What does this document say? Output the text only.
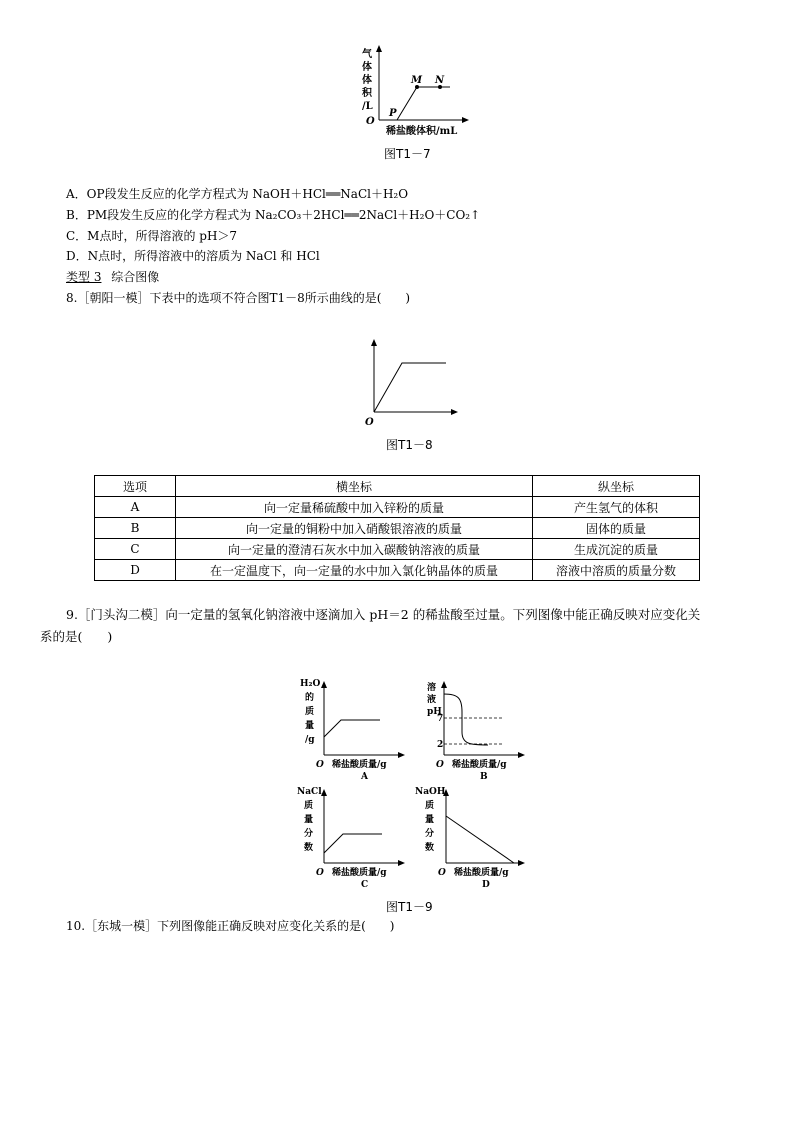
气
体
体
积
/L
O
P
M N
稀盐酸体积/mL
图T1－7
A．OP段发生反应的化学方程式为 NaOH＋HCl══NaCl＋H₂O
B．PM段发生反应的化学方程式为 Na₂CO₃＋2HCl══2NaCl＋H₂O＋CO₂↑
C．M点时，所得溶液的 pH＞7
D．N点时，所得溶液中的溶质为 NaCl 和 HCl
类型 3 综合图像
8.［朝阳一模］下表中的选项不符合图T1－8所示曲线的是(　　)
O
图T1－8
选项	横坐标	纵坐标
A	向一定量稀硫酸中加入锌粉的质量	产生氢气的体积
B	向一定量的铜粉中加入硝酸银溶液的质量	固体的质量
C	向一定量的澄清石灰水中加入碳酸钠溶液的质量	生成沉淀的质量
D	在一定温度下，向一定量的水中加入氯化钠晶体的质量	溶液中溶质的质量分数
9.［门头沟二模］向一定量的氢氧化钠溶液中逐滴加入 pH＝2 的稀盐酸至过量。下列图像中能正确反映对应变化关
系的是(　　)
H₂O
的
质
量
/g
O 稀盐酸质量/g
A
溶
液
pH
7
2
O 稀盐酸质量/g
B
NaCl
质
量
分
数
O 稀盐酸质量/g
C
NaOH
质
量
分
数
O 稀盐酸质量/g
D
图T1－9
10.［东城一模］下列图像能正确反映对应变化关系的是(　　)
